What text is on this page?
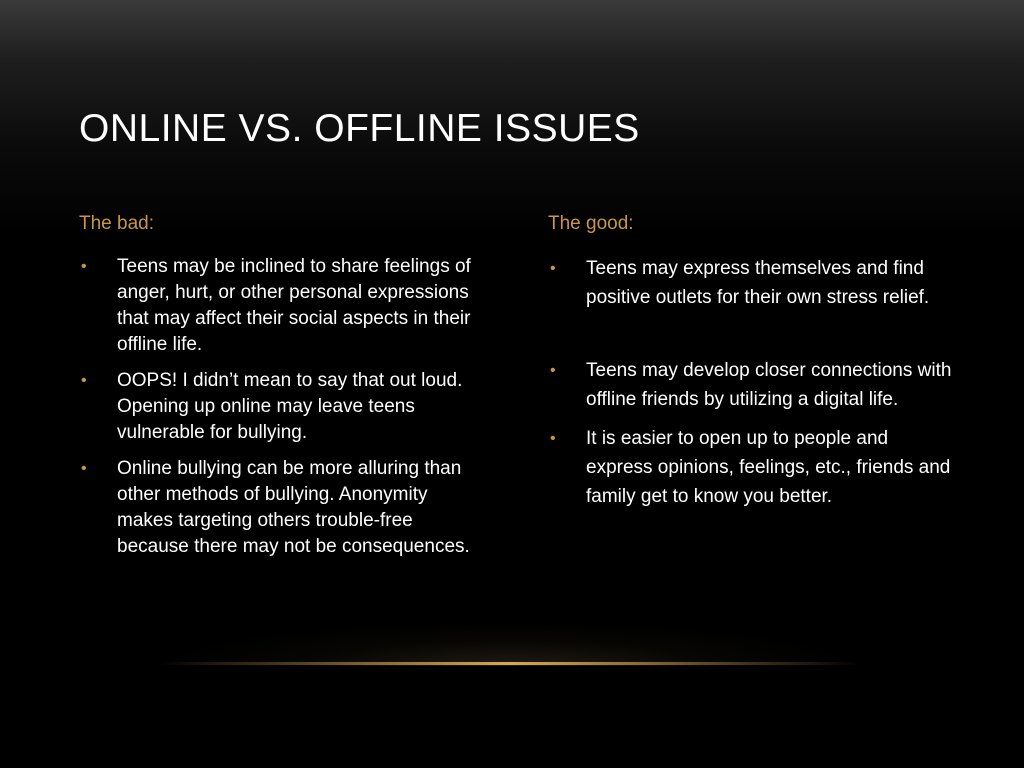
ONLINE VS. OFFLINE ISSUES

The bad:

• Teens may be inclined to share feelings of anger, hurt, or other personal expressions that may affect their social aspects in their offline life.
• OOPS! I didn’t mean to say that out loud. Opening up online may leave teens vulnerable for bullying.
• Online bullying can be more alluring than other methods of bullying. Anonymity makes targeting others trouble-free because there may not be consequences.

The good:

• Teens may express themselves and find positive outlets for their own stress relief.
• Teens may develop closer connections with offline friends by utilizing a digital life.
• It is easier to open up to people and express opinions, feelings, etc., friends and family get to know you better.
